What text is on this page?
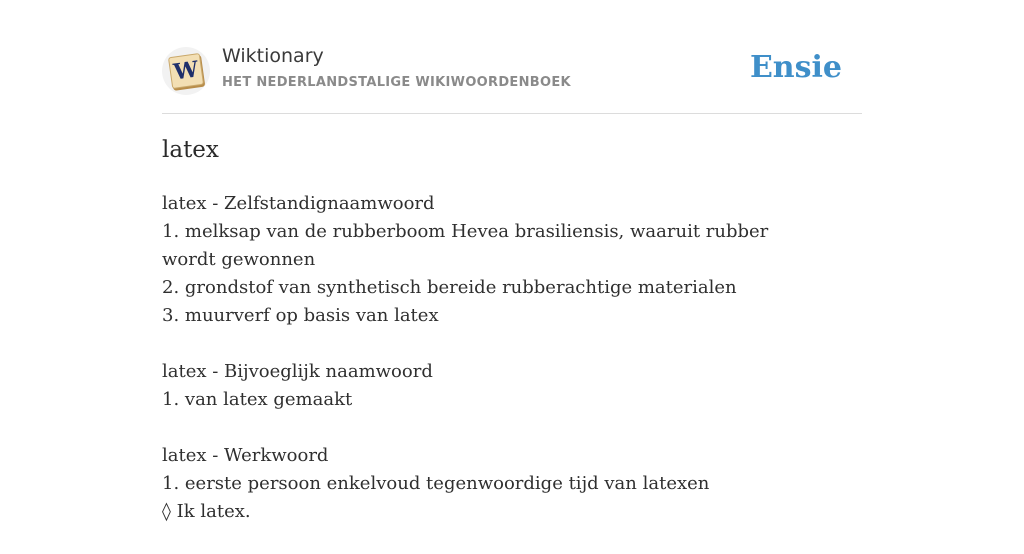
W
Wiktionary
HET NEDERLANDSTALIGE WIKIWOORDENBOEK	Ensie
latex
latex - Zelfstandignaamwoord
1. melksap van de rubberboom Hevea brasiliensis, waaruit rubber wordt gewonnen
2. grondstof van synthetisch bereide rubberachtige materialen
3. muurverf op basis van latex
latex - Bijvoeglijk naamwoord
1. van latex gemaakt
latex - Werkwoord
1. eerste persoon enkelvoud tegenwoordige tijd van latexen
◊ Ik latex.
